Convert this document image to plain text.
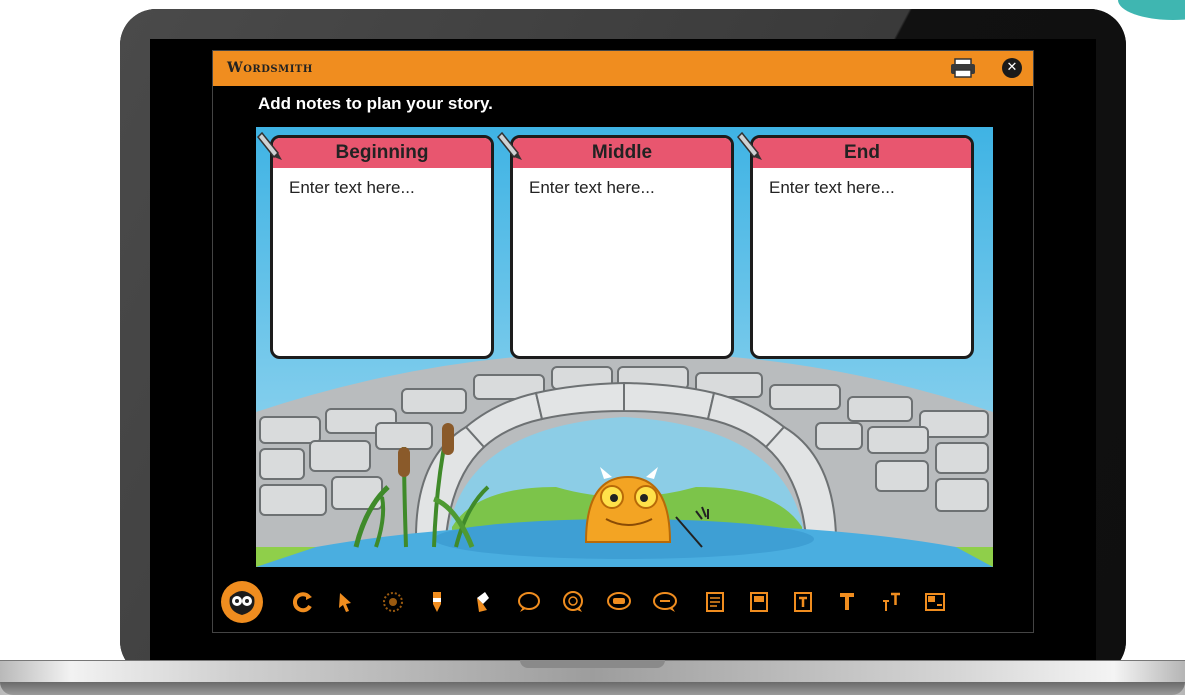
Wordsmith	✕
Add notes to plan your story.
Beginning
Enter text here...	Middle
Enter text here...	End
Enter text here...
